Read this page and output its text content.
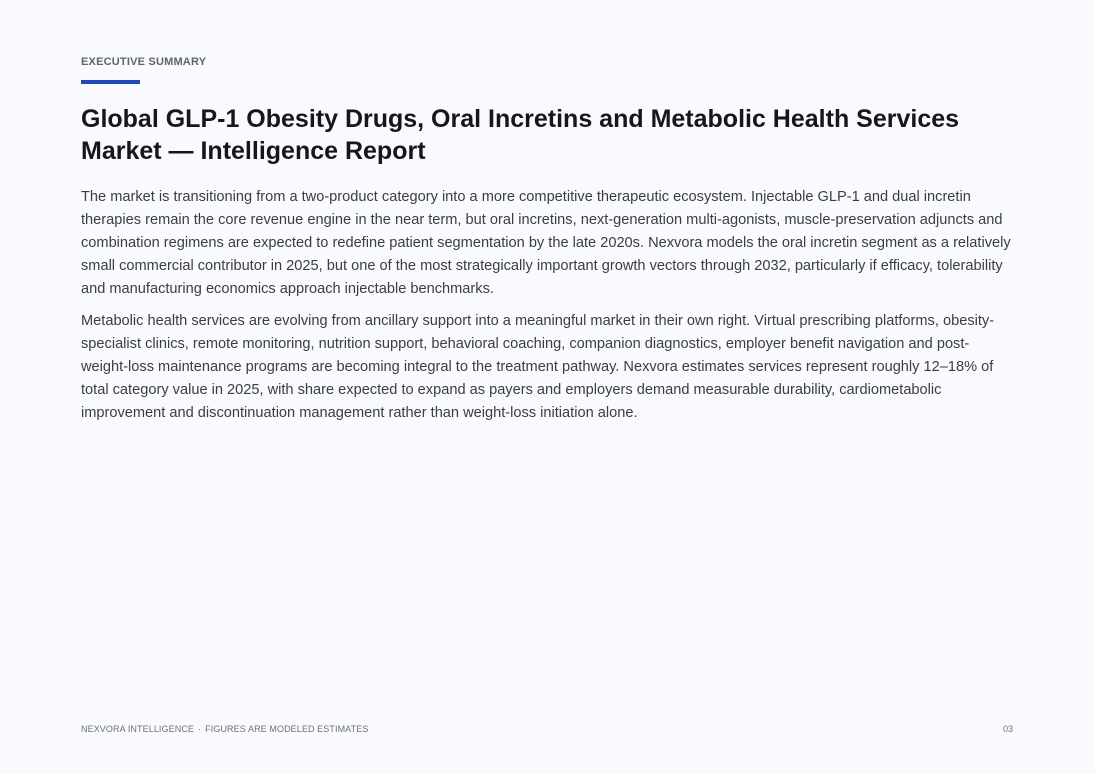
EXECUTIVE SUMMARY
Global GLP-1 Obesity Drugs, Oral Incretins and Metabolic Health Services Market — Intelligence Report

The market is transitioning from a two-product category into a more competitive therapeutic ecosystem. Injectable GLP-1 and dual incretin therapies remain the core revenue engine in the near term, but oral incretins, next-generation multi-agonists, muscle-preservation adjuncts and combination regimens are expected to redefine patient segmentation by the late 2020s. Nexvora models the oral incretin segment as a relatively small commercial contributor in 2025, but one of the most strategically important growth vectors through 2032, particularly if efficacy, tolerability and manufacturing economics approach injectable benchmarks.

Metabolic health services are evolving from ancillary support into a meaningful market in their own right. Virtual prescribing platforms, obesity-specialist clinics, remote monitoring, nutrition support, behavioral coaching, companion diagnostics, employer benefit navigation and post-weight-loss maintenance programs are becoming integral to the treatment pathway. Nexvora estimates services represent roughly 12–18% of total category value in 2025, with share expected to expand as payers and employers demand measurable durability, cardiometabolic improvement and discontinuation management rather than weight-loss initiation alone.

NEXVORA INTELLIGENCE · FIGURES ARE MODELED ESTIMATES	03
